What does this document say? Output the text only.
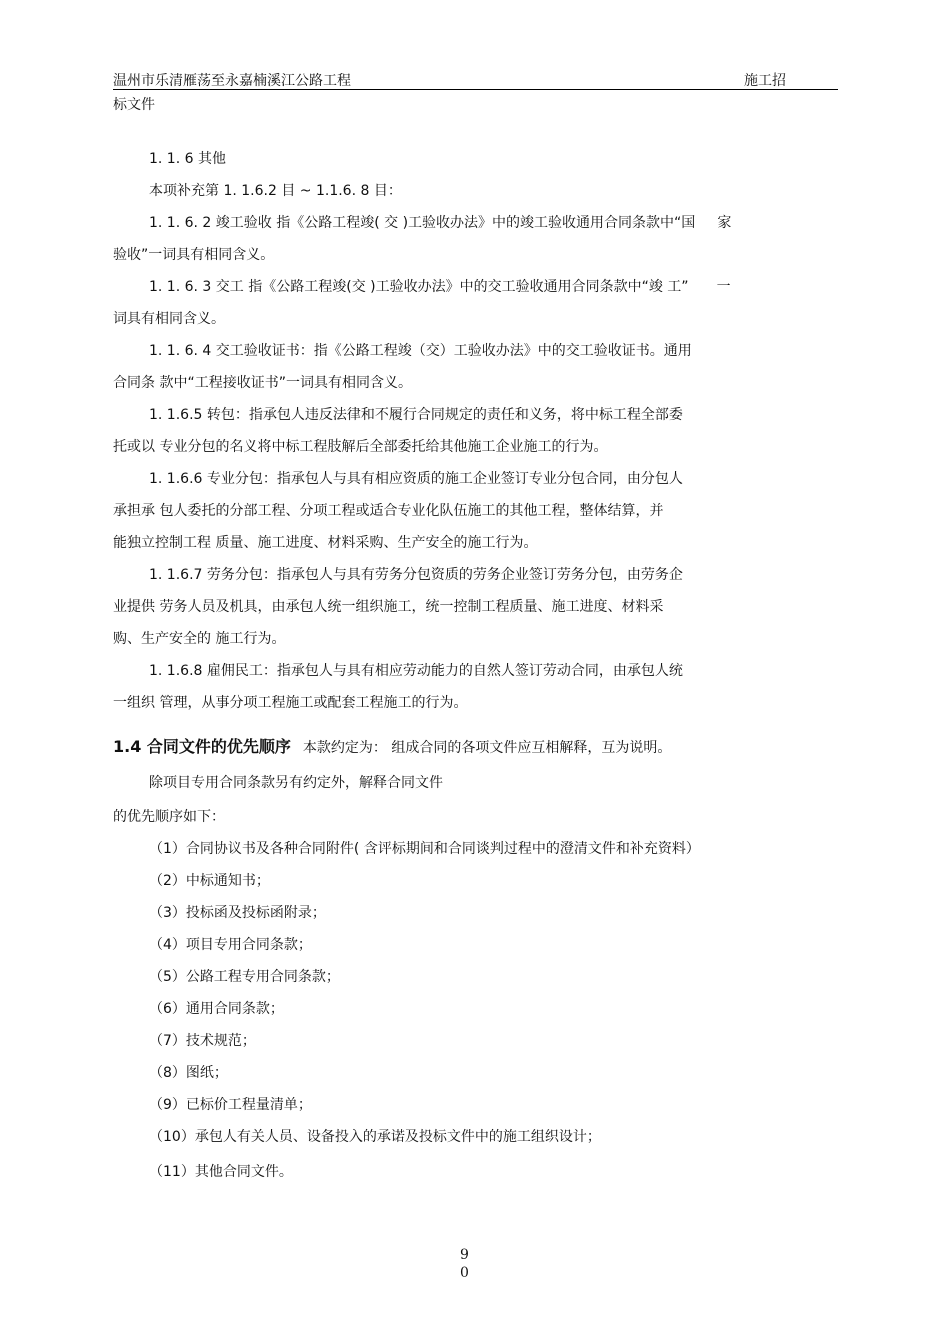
温州市乐清雁荡至永嘉楠溪江公路工程	施工招
标文件
1. 1. 6 其他
本项补充第 1. 1.6.2 目 ~ 1.1.6. 8 目：
1. 1. 6. 2 竣工验收 指《公路工程竣( 交 )工验收办法》中的竣工验收通用合同条款中“国 家
验收”一词具有相同含义。
1. 1. 6. 3 交工 指《公路工程竣(交 )工验收办法》中的交工验收通用合同条款中“竣 工” 一
词具有相同含义。
1. 1. 6. 4 交工验收证书：指《公路工程竣（交）工验收办法》中的交工验收证书。通用
合同条 款中“工程接收证书”一词具有相同含义。
1. 1.6.5 转包：指承包人违反法律和不履行合同规定的责任和义务，将中标工程全部委
托或以 专业分包的名义将中标工程肢解后全部委托给其他施工企业施工的行为。
1. 1.6.6 专业分包：指承包人与具有相应资质的施工企业签订专业分包合同，由分包人
承担承 包人委托的分部工程、分项工程或适合专业化队伍施工的其他工程，整体结算，并
能独立控制工程 质量、施工进度、材料采购、生产安全的施工行为。
1. 1.6.7 劳务分包：指承包人与具有劳务分包资质的劳务企业签订劳务分包，由劳务企
业提供 劳务人员及机具，由承包人统一组织施工，统一控制工程质量、施工进度、材料采
购、生产安全的 施工行为。
1. 1.6.8 雇佣民工：指承包人与具有相应劳动能力的自然人签订劳动合同，由承包人统
一组织 管理，从事分项工程施工或配套工程施工的行为。
1.4 合同文件的优先顺序 本款约定为： 组成合同的各项文件应互相解释，互为说明。
除项目专用合同条款另有约定外，解释合同文件
的优先顺序如下：
（1）合同协议书及各种合同附件( 含评标期间和合同谈判过程中的澄清文件和补充资料）
（2）中标通知书；
（3）投标函及投标函附录；
（4）项目专用合同条款；
（5）公路工程专用合同条款；
（6）通用合同条款；
（7）技术规范；
（8）图纸；
（9）已标价工程量清单；
（10）承包人有关人员、设备投入的承诺及投标文件中的施工组织设计；
（11）其他合同文件。
9
0
